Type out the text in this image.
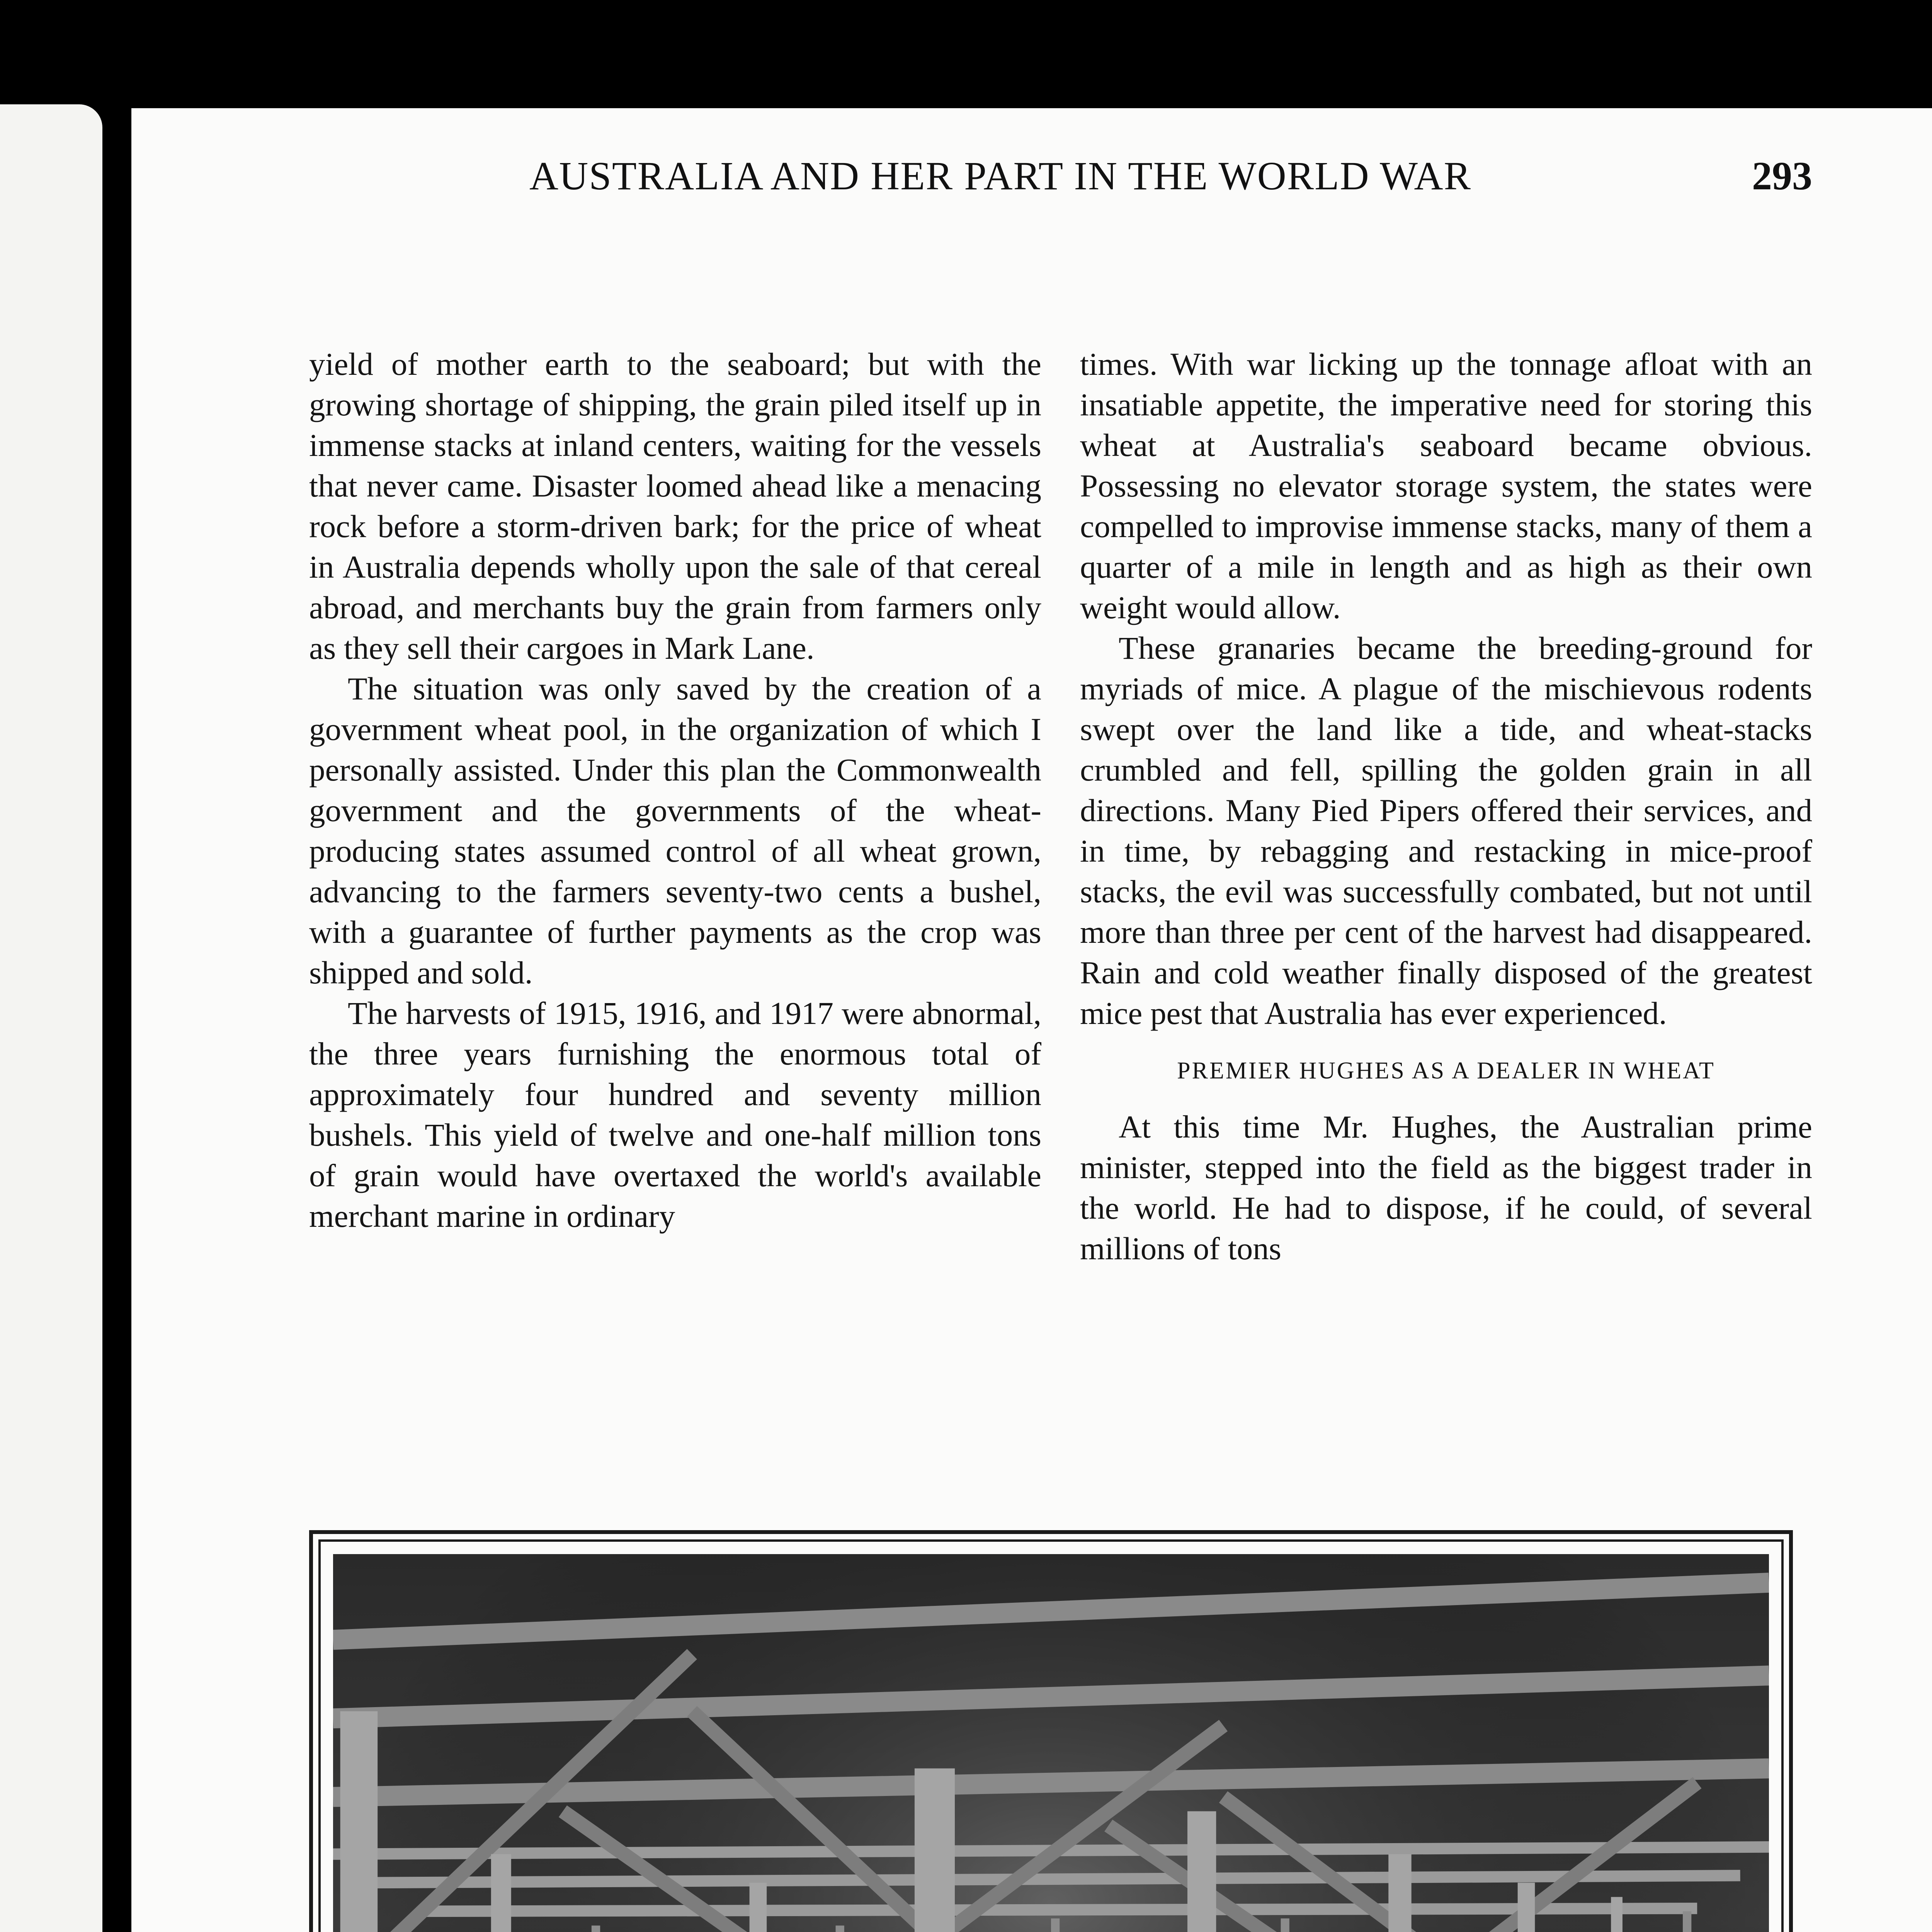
AUSTRALIA AND HER PART IN THE WORLD WAR	293

yield of mother earth to the seaboard; but with the growing shortage of shipping, the grain piled itself up in immense stacks at inland centers, waiting for the vessels that never came. Disaster loomed ahead like a menacing rock before a storm-driven bark; for the price of wheat in Australia depends wholly upon the sale of that cereal abroad, and merchants buy the grain from farmers only as they sell their cargoes in Mark Lane.

The situation was only saved by the creation of a government wheat pool, in the organization of which I personally assisted. Under this plan the Commonwealth government and the governments of the wheat-producing states assumed control of all wheat grown, advancing to the farmers seventy-two cents a bushel, with a guarantee of further payments as the crop was shipped and sold.

The harvests of 1915, 1916, and 1917 were abnormal, the three years furnishing the enormous total of approximately four hundred and seventy million bushels. This yield of twelve and one-half million tons of grain would have overtaxed the world's available merchant marine in ordinary

times. With war licking up the tonnage afloat with an insatiable appetite, the imperative need for storing this wheat at Australia's seaboard became obvious. Possessing no elevator storage system, the states were compelled to improvise immense stacks, many of them a quarter of a mile in length and as high as their own weight would allow.

These granaries became the breeding-ground for myriads of mice. A plague of the mischievous rodents swept over the land like a tide, and wheat-stacks crumbled and fell, spilling the golden grain in all directions. Many Pied Pipers offered their services, and in time, by rebagging and restacking in mice-proof stacks, the evil was successfully combated, but not until more than three per cent of the harvest had disappeared. Rain and cold weather finally disposed of the greatest mice pest that Australia has ever experienced.

PREMIER HUGHES AS A DEALER IN WHEAT

At this time Mr. Hughes, the Australian prime minister, stepped into the field as the biggest trader in the world. He had to dispose, if he could, of several millions of tons
